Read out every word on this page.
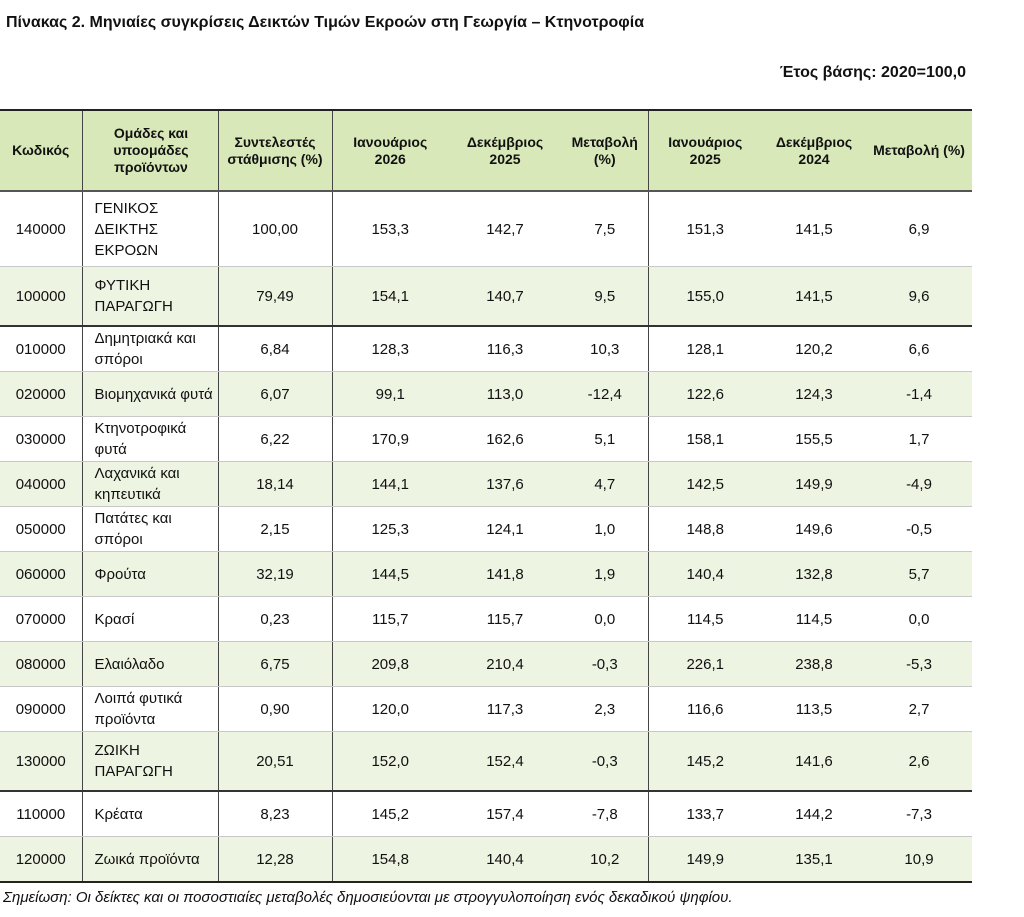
Πίνακας 2. Μηνιαίες συγκρίσεις Δεικτών Τιμών Εκροών στη Γεωργία – Κτηνοτροφία
Έτος βάσης: 2020=100,0
Κωδικός	Ομάδες και υποομάδες προϊόντων	Συντελεστές στάθμισης (%)	Ιανουάριος 2026	Δεκέμβριος 2025	Μεταβολή (%)	Ιανουάριος 2025	Δεκέμβριος 2024	Μεταβολή (%)
140000	ΓΕΝΙΚΟΣ ΔΕΙΚΤΗΣ ΕΚΡΟΩΝ	100,00	153,3	142,7	7,5	151,3	141,5	6,9
100000	ΦΥΤΙΚΗ ΠΑΡΑΓΩΓΗ	79,49	154,1	140,7	9,5	155,0	141,5	9,6
010000	Δημητριακά και σπόροι	6,84	128,3	116,3	10,3	128,1	120,2	6,6
020000	Βιομηχανικά φυτά	6,07	99,1	113,0	-12,4	122,6	124,3	-1,4
030000	Κτηνοτροφικά φυτά	6,22	170,9	162,6	5,1	158,1	155,5	1,7
040000	Λαχανικά και κηπευτικά	18,14	144,1	137,6	4,7	142,5	149,9	-4,9
050000	Πατάτες και σπόροι	2,15	125,3	124,1	1,0	148,8	149,6	-0,5
060000	Φρούτα	32,19	144,5	141,8	1,9	140,4	132,8	5,7
070000	Κρασί	0,23	115,7	115,7	0,0	114,5	114,5	0,0
080000	Ελαιόλαδο	6,75	209,8	210,4	-0,3	226,1	238,8	-5,3
090000	Λοιπά φυτικά προϊόντα	0,90	120,0	117,3	2,3	116,6	113,5	2,7
130000	ΖΩΙΚΗ ΠΑΡΑΓΩΓΗ	20,51	152,0	152,4	-0,3	145,2	141,6	2,6
110000	Κρέατα	8,23	145,2	157,4	-7,8	133,7	144,2	-7,3
120000	Ζωικά προϊόντα	12,28	154,8	140,4	10,2	149,9	135,1	10,9
Σημείωση: Οι δείκτες και οι ποσοστιαίες μεταβολές δημοσιεύονται με στρογγυλοποίηση ενός δεκαδικού ψηφίου.
